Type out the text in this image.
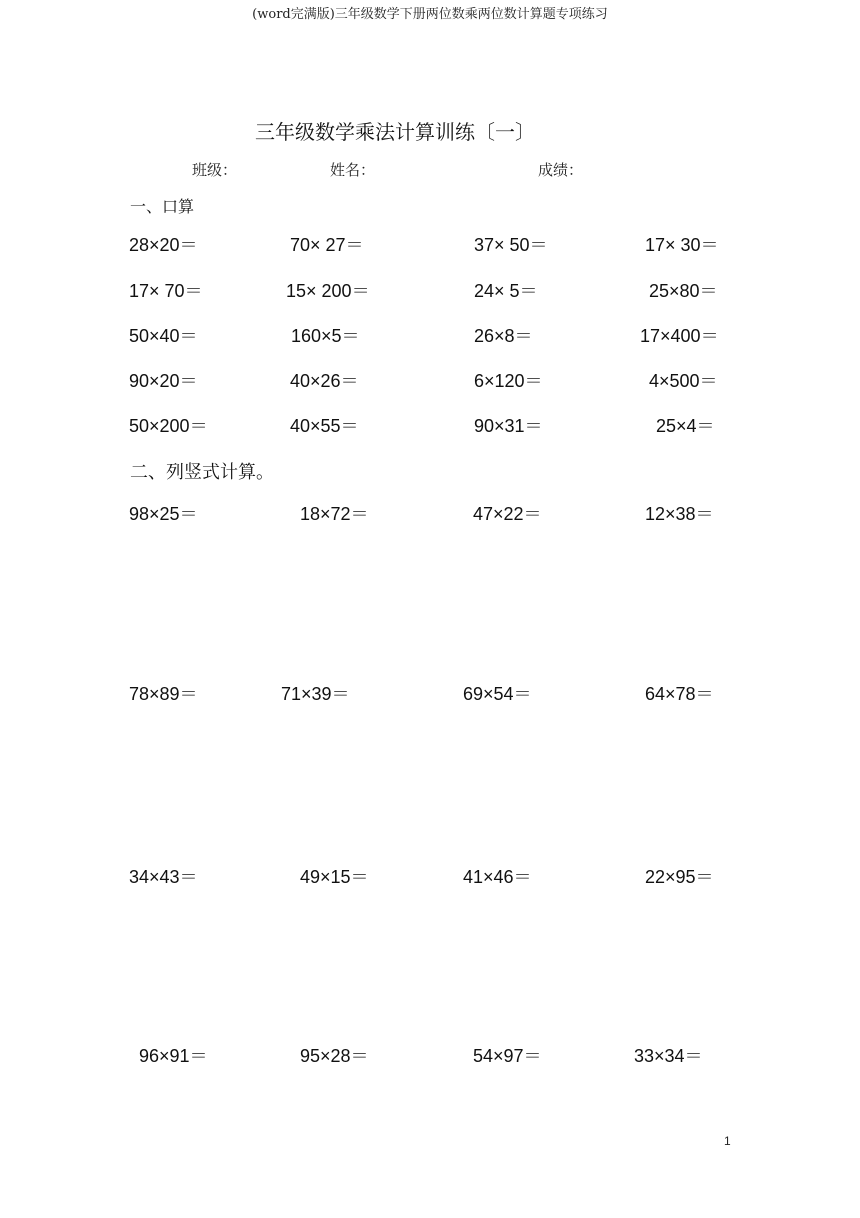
(word完满版)三年级数学下册两位数乘两位数计算题专项练习
三年级数学乘法计算训练〔一〕
班级：	姓名：	成绩：
一、口算
28×20＝	70× 27＝	37× 50＝	17× 30＝
17× 70＝	15× 200＝	24× 5＝	25×80＝
50×40＝	160×5＝	26×8＝	17×400＝
90×20＝	40×26＝	6×120＝	4×500＝
50×200＝	40×55＝	90×31＝	25×4＝
二、列竖式计算。
98×25＝	18×72＝	47×22＝	12×38＝
78×89＝	71×39＝	69×54＝	64×78＝
34×43＝	49×15＝	41×46＝	22×95＝
96×91＝	95×28＝	54×97＝	33×34＝
1
